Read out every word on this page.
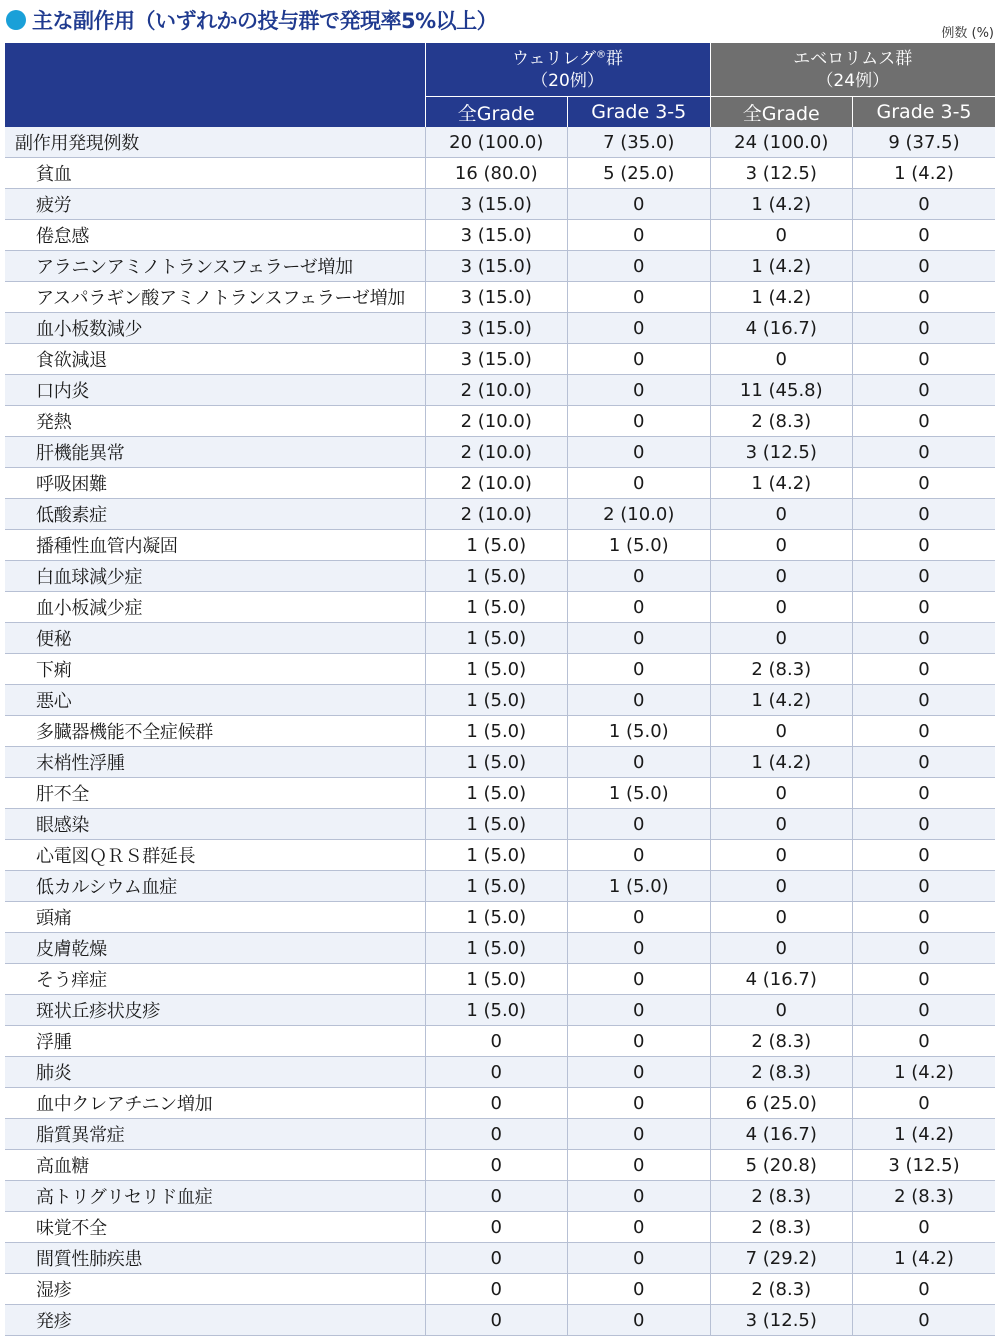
主な副作用（いずれかの投与群で発現率5%以上）
例数 (%)
	ウェリレグ®群
（20例）		エベロリムス群
（24例）	
	全Grade	Grade 3-5	全Grade	Grade 3-5
副作用発現例数	20 (100.0)	7 (35.0)	24 (100.0)	9 (37.5)
貧血	16 (80.0)	5 (25.0)	3 (12.5)	1 (4.2)
疲労	3 (15.0)	0	1 (4.2)	0
倦怠感	3 (15.0)	0	0	0
アラニンアミノトランスフェラーゼ増加	3 (15.0)	0	1 (4.2)	0
アスパラギン酸アミノトランスフェラーゼ増加	3 (15.0)	0	1 (4.2)	0
血小板数減少	3 (15.0)	0	4 (16.7)	0
食欲減退	3 (15.0)	0	0	0
口内炎	2 (10.0)	0	11 (45.8)	0
発熱	2 (10.0)	0	2 (8.3)	0
肝機能異常	2 (10.0)	0	3 (12.5)	0
呼吸困難	2 (10.0)	0	1 (4.2)	0
低酸素症	2 (10.0)	2 (10.0)	0	0
播種性血管内凝固	1 (5.0)	1 (5.0)	0	0
白血球減少症	1 (5.0)	0	0	0
血小板減少症	1 (5.0)	0	0	0
便秘	1 (5.0)	0	0	0
下痢	1 (5.0)	0	2 (8.3)	0
悪心	1 (5.0)	0	1 (4.2)	0
多臓器機能不全症候群	1 (5.0)	1 (5.0)	0	0
末梢性浮腫	1 (5.0)	0	1 (4.2)	0
肝不全	1 (5.0)	1 (5.0)	0	0
眼感染	1 (5.0)	0	0	0
心電図ＱＲＳ群延長	1 (5.0)	0	0	0
低カルシウム血症	1 (5.0)	1 (5.0)	0	0
頭痛	1 (5.0)	0	0	0
皮膚乾燥	1 (5.0)	0	0	0
そう痒症	1 (5.0)	0	4 (16.7)	0
斑状丘疹状皮疹	1 (5.0)	0	0	0
浮腫	0	0	2 (8.3)	0
肺炎	0	0	2 (8.3)	1 (4.2)
血中クレアチニン増加	0	0	6 (25.0)	0
脂質異常症	0	0	4 (16.7)	1 (4.2)
高血糖	0	0	5 (20.8)	3 (12.5)
高トリグリセリド血症	0	0	2 (8.3)	2 (8.3)
味覚不全	0	0	2 (8.3)	0
間質性肺疾患	0	0	7 (29.2)	1 (4.2)
湿疹	0	0	2 (8.3)	0
発疹	0	0	3 (12.5)	0
